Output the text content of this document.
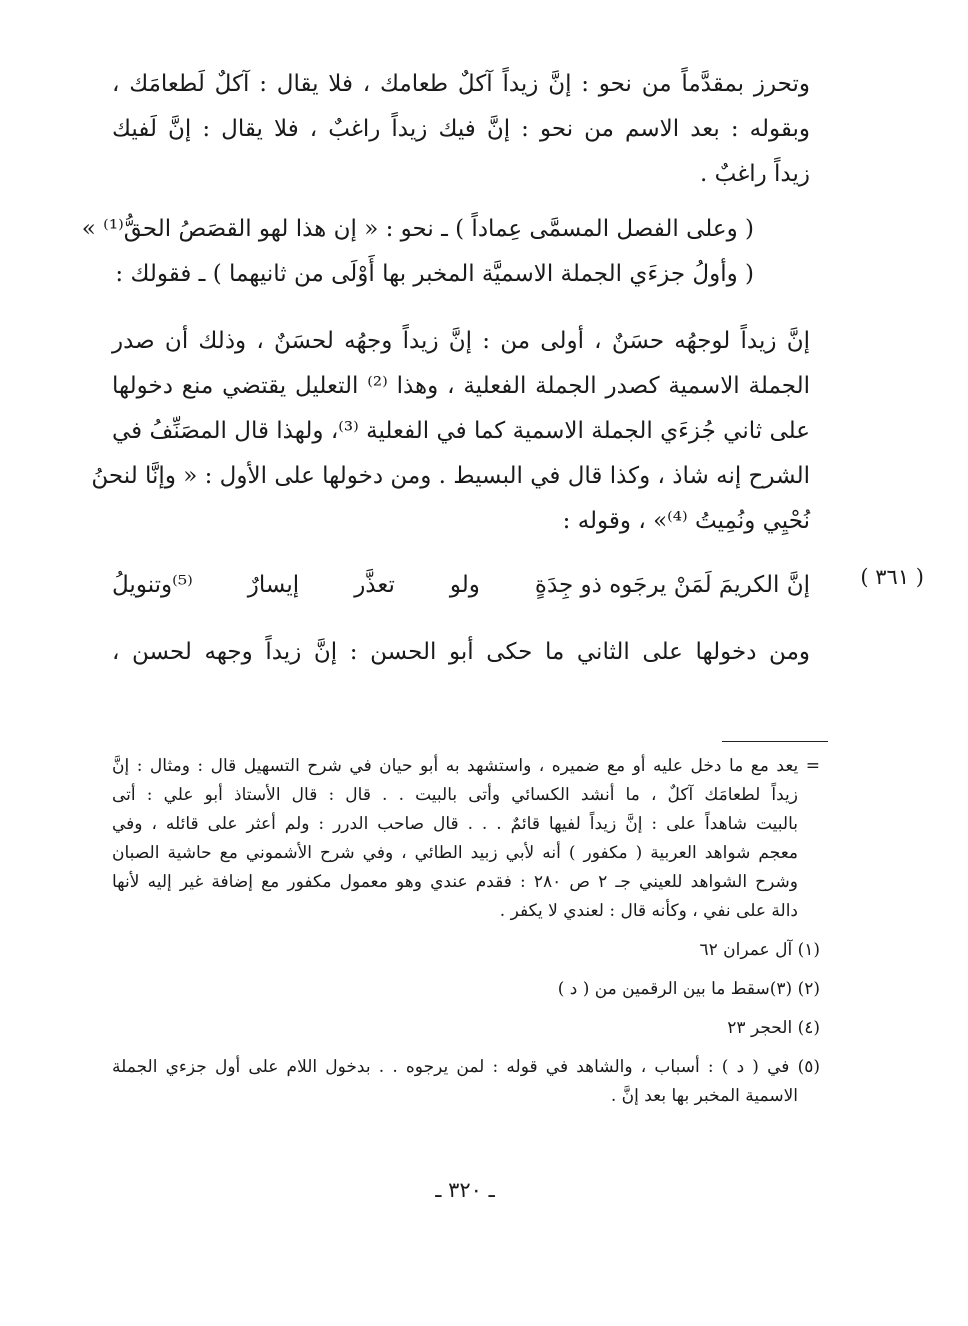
وتحرز بمقدَّماً من نحو : إنَّ زيداً آكلٌ طعامك ، فلا يقال : آكلٌ لَطعامَك ،
وبقوله : بعد الاسم من نحو : إنَّ فيك زيداً راغبٌ ، فلا يقال : إنَّ لَفيك
زيداً راغبٌ .
( وعلى الفصل المسمَّى عِماداً ) ـ نحو : « إن هذا لهو القصَصُ الحقُّ⁽¹⁾ »
( وأولُ جزءَي الجملة الاسميَّة المخبر بها أَوْلَى من ثانيهما ) ـ فقولك :
إنَّ زيداً لوجهُه حسَنٌ ، أولى من : إنَّ زيداً وجهُه لحسَنٌ ، وذلك أن صدر
الجملة الاسمية كصدر الجملة الفعلية ، وهذا ⁽²⁾ التعليل يقتضي منع دخولها
على ثاني جُزءَي الجملة الاسمية كما في الفعلية ⁽³⁾، ولهذا قال المصَنِّفُ في
الشرح إنه شاذ ، وكذا قال في البسيط . ومن دخولها على الأول : « وإنَّا لنحنُ
نُحْيِي ونُمِيتُ ⁽⁴⁾» ، وقوله :
إنَّ الكريمَ لَمَنْ يرجَوه ذو جِدَةٍ
ولو
تعذَّر
إيسارٌ
⁽⁵⁾وتنويلُ
ومن دخولها على الثاني ما حكى أبو الحسن : إنَّ زيداً وجهه لحسن ،
( ٣٦١ )
= يعد مع ما دخل عليه أو مع ضميره ، واستشهد به أبو حيان في شرح التسهيل قال : ومثال : إنَّ
زيداً لطعامَك آكلٌ ، ما أنشد الكسائي وأتى بالبيت . . قال : قال الأستاذ أبو علي : أتى
بالبيت شاهداً على : إنَّ زيداً لفيها قائمٌ . . . قال صاحب الدرر : ولم أعثر على قائله ، وفي
معجم شواهد العربية ( مكفور ) أنه لأبي زبيد الطائي ، وفي شرح الأشموني مع حاشية الصبان
وشرح الشواهد للعيني جـ ٢ ص ٢٨٠ : فقدم عندي وهو معمول مكفور مع إضافة غير إليه لأنها
دالة على نفي ، وكأنه قال : لعندي لا يكفر .
(١) آل عمران ٦٢
(٢) (٣)سقط ما بين الرقمين من ( د )
(٤) الحجر ٢٣
(٥) في ( د ) : أسباب ، والشاهد في قوله : لمن يرجوه . . بدخول اللام على أول جزءي الجملة
الاسمية المخبر بها بعد إنَّ .
ـ ٣٢٠ ـ
